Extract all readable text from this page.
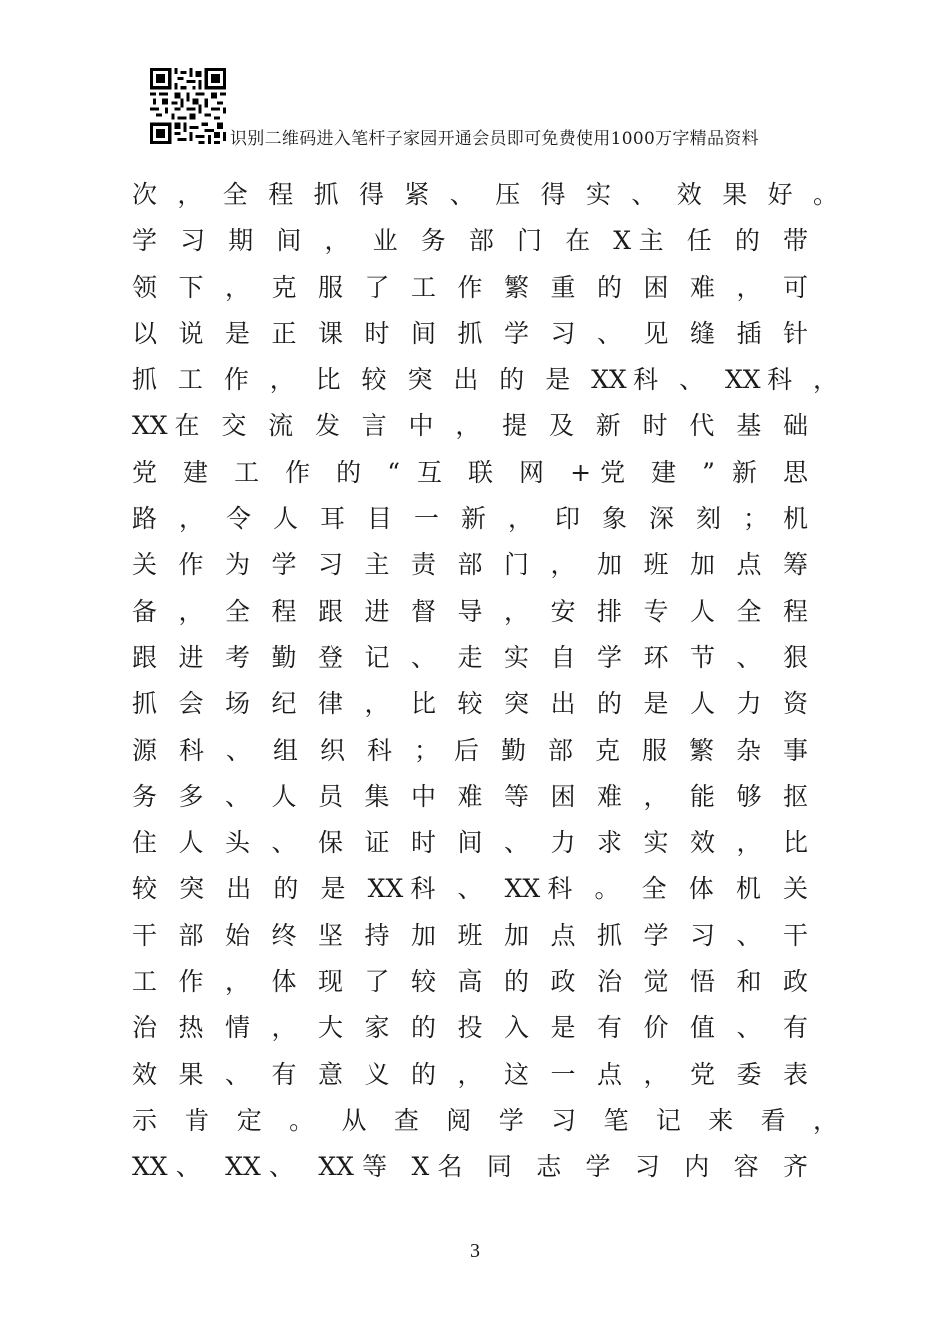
识别二维码进入笔杆子家园开通会员即可免费使用1000万字精品资料
次 ， 全 程 抓 得 紧 、 压 得 实 、 效 果 好 。
学 习 期 间 ， 业 务 部 门 在 X主 任 的 带
领 下 ， 克 服 了 工 作 繁 重 的 困 难 ， 可
以 说 是 正 课 时 间 抓 学 习 、 见 缝 插 针
抓 工 作 ， 比 较 突 出 的 是 XX科 、 XX科 ，
XX在 交 流 发 言 中 ， 提 及 新 时 代 基 础
党 建 工 作 的 “ 互 联 网 +党 建 ” 新 思
路 ， 令 人 耳 目 一 新 ， 印 象 深 刻 ； 机
关 作 为 学 习 主 责 部 门 ， 加 班 加 点 筹
备 ， 全 程 跟 进 督 导 ， 安 排 专 人 全 程
跟 进 考 勤 登 记 、 走 实 自 学 环 节 、 狠
抓 会 场 纪 律 ， 比 较 突 出 的 是 人 力 资
源 科 、 组 织 科 ； 后 勤 部 克 服 繁 杂 事
务 多 、 人 员 集 中 难 等 困 难 ， 能 够 抠
住 人 头 、 保 证 时 间 、 力 求 实 效 ， 比
较 突 出 的 是 XX科 、 XX科 。 全 体 机 关
干 部 始 终 坚 持 加 班 加 点 抓 学 习 、 干
工 作 ， 体 现 了 较 高 的 政 治 觉 悟 和 政
治 热 情 ， 大 家 的 投 入 是 有 价 值 、 有
效 果 、 有 意 义 的 ， 这 一 点 ， 党 委 表
示 肯 定 。 从 查 阅 学 习 笔 记 来 看 ，
XX、 XX、 XX等 X名 同 志 学 习 内 容 齐
3
